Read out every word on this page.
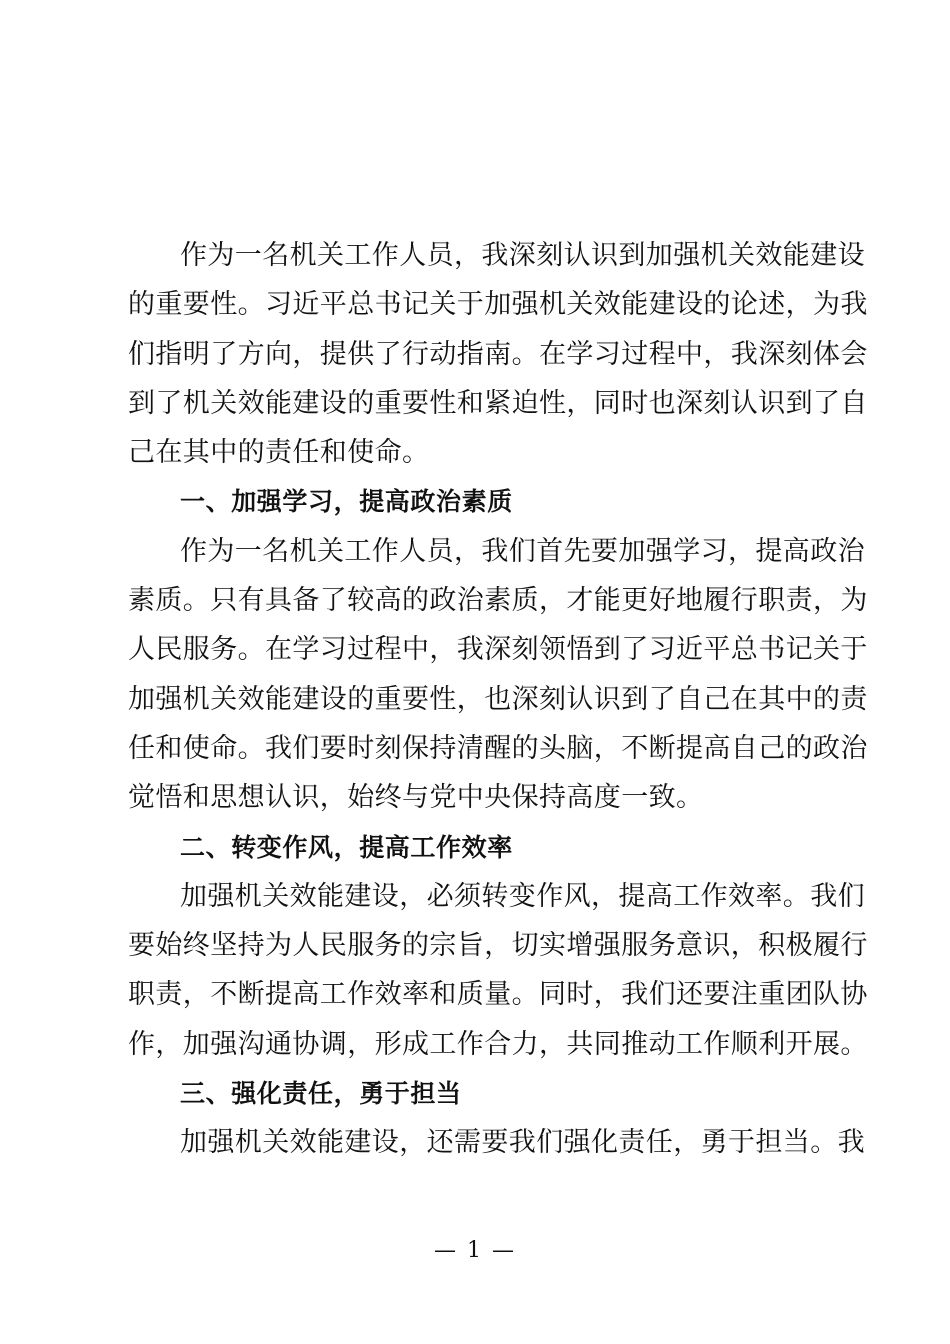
作为一名机关工作人员，我深刻认识到加强机关效能建设
的重要性。习近平总书记关于加强机关效能建设的论述，为我
们指明了方向，提供了行动指南。在学习过程中，我深刻体会
到了机关效能建设的重要性和紧迫性，同时也深刻认识到了自
己在其中的责任和使命。
一、加强学习，提高政治素质
作为一名机关工作人员，我们首先要加强学习，提高政治
素质。只有具备了较高的政治素质，才能更好地履行职责，为
人民服务。在学习过程中，我深刻领悟到了习近平总书记关于
加强机关效能建设的重要性，也深刻认识到了自己在其中的责
任和使命。我们要时刻保持清醒的头脑，不断提高自己的政治
觉悟和思想认识，始终与党中央保持高度一致。
二、转变作风，提高工作效率
加强机关效能建设，必须转变作风，提高工作效率。我们
要始终坚持为人民服务的宗旨，切实增强服务意识，积极履行
职责，不断提高工作效率和质量。同时，我们还要注重团队协
作，加强沟通协调，形成工作合力，共同推动工作顺利开展。
三、强化责任，勇于担当
加强机关效能建设，还需要我们强化责任，勇于担当。我
— 1 —
